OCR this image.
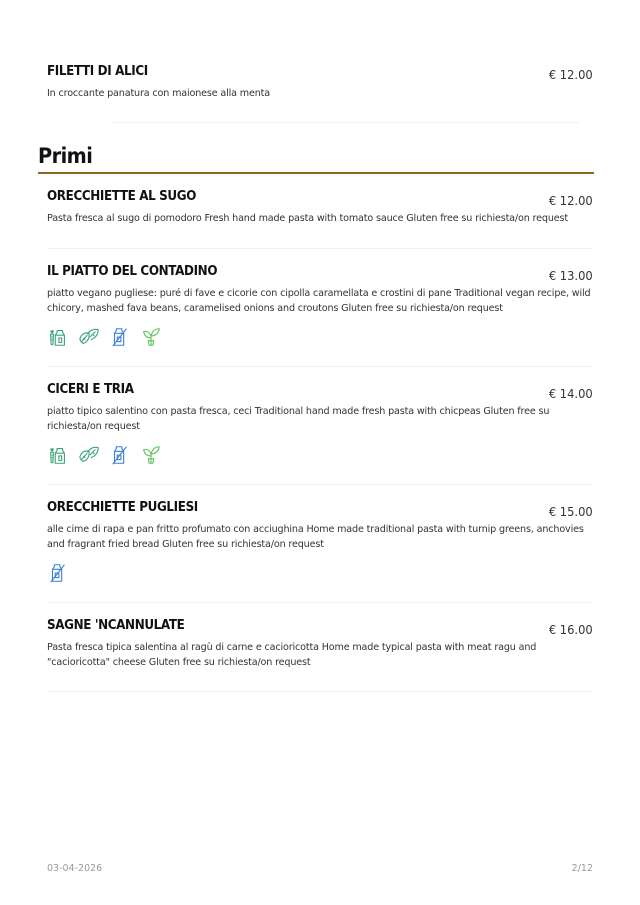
FILETTI DI ALICI	€ 12.00
In croccante panatura con maionese alla menta
Primi
ORECCHIETTE AL SUGO	€ 12.00
Pasta fresca al sugo di pomodoro Fresh hand made pasta with tomato sauce Gluten free su richiesta/on request
IL PIATTO DEL CONTADINO	€ 13.00
piatto vegano pugliese: puré di fave e cicorie con cipolla caramellata e crostini di pane Traditional vegan recipe, wild chicory, mashed fava beans, caramelised onions and croutons Gluten free su richiesta/on request
CICERI E TRIA	€ 14.00
piatto tipico salentino con pasta fresca, ceci Traditional hand made fresh pasta with chicpeas Gluten free su richiesta/on request
ORECCHIETTE PUGLIESI	€ 15.00
alle cime di rapa e pan fritto profumato con acciughina Home made traditional pasta with turnip greens, anchovies and fragrant fried bread Gluten free su richiesta/on request
SAGNE 'NCANNULATE	€ 16.00
Pasta fresca tipica salentina al ragù di carne e cacioricotta Home made typical pasta with meat ragu and "cacioricotta" cheese Gluten free su richiesta/on request
03-04-2026	2/12
